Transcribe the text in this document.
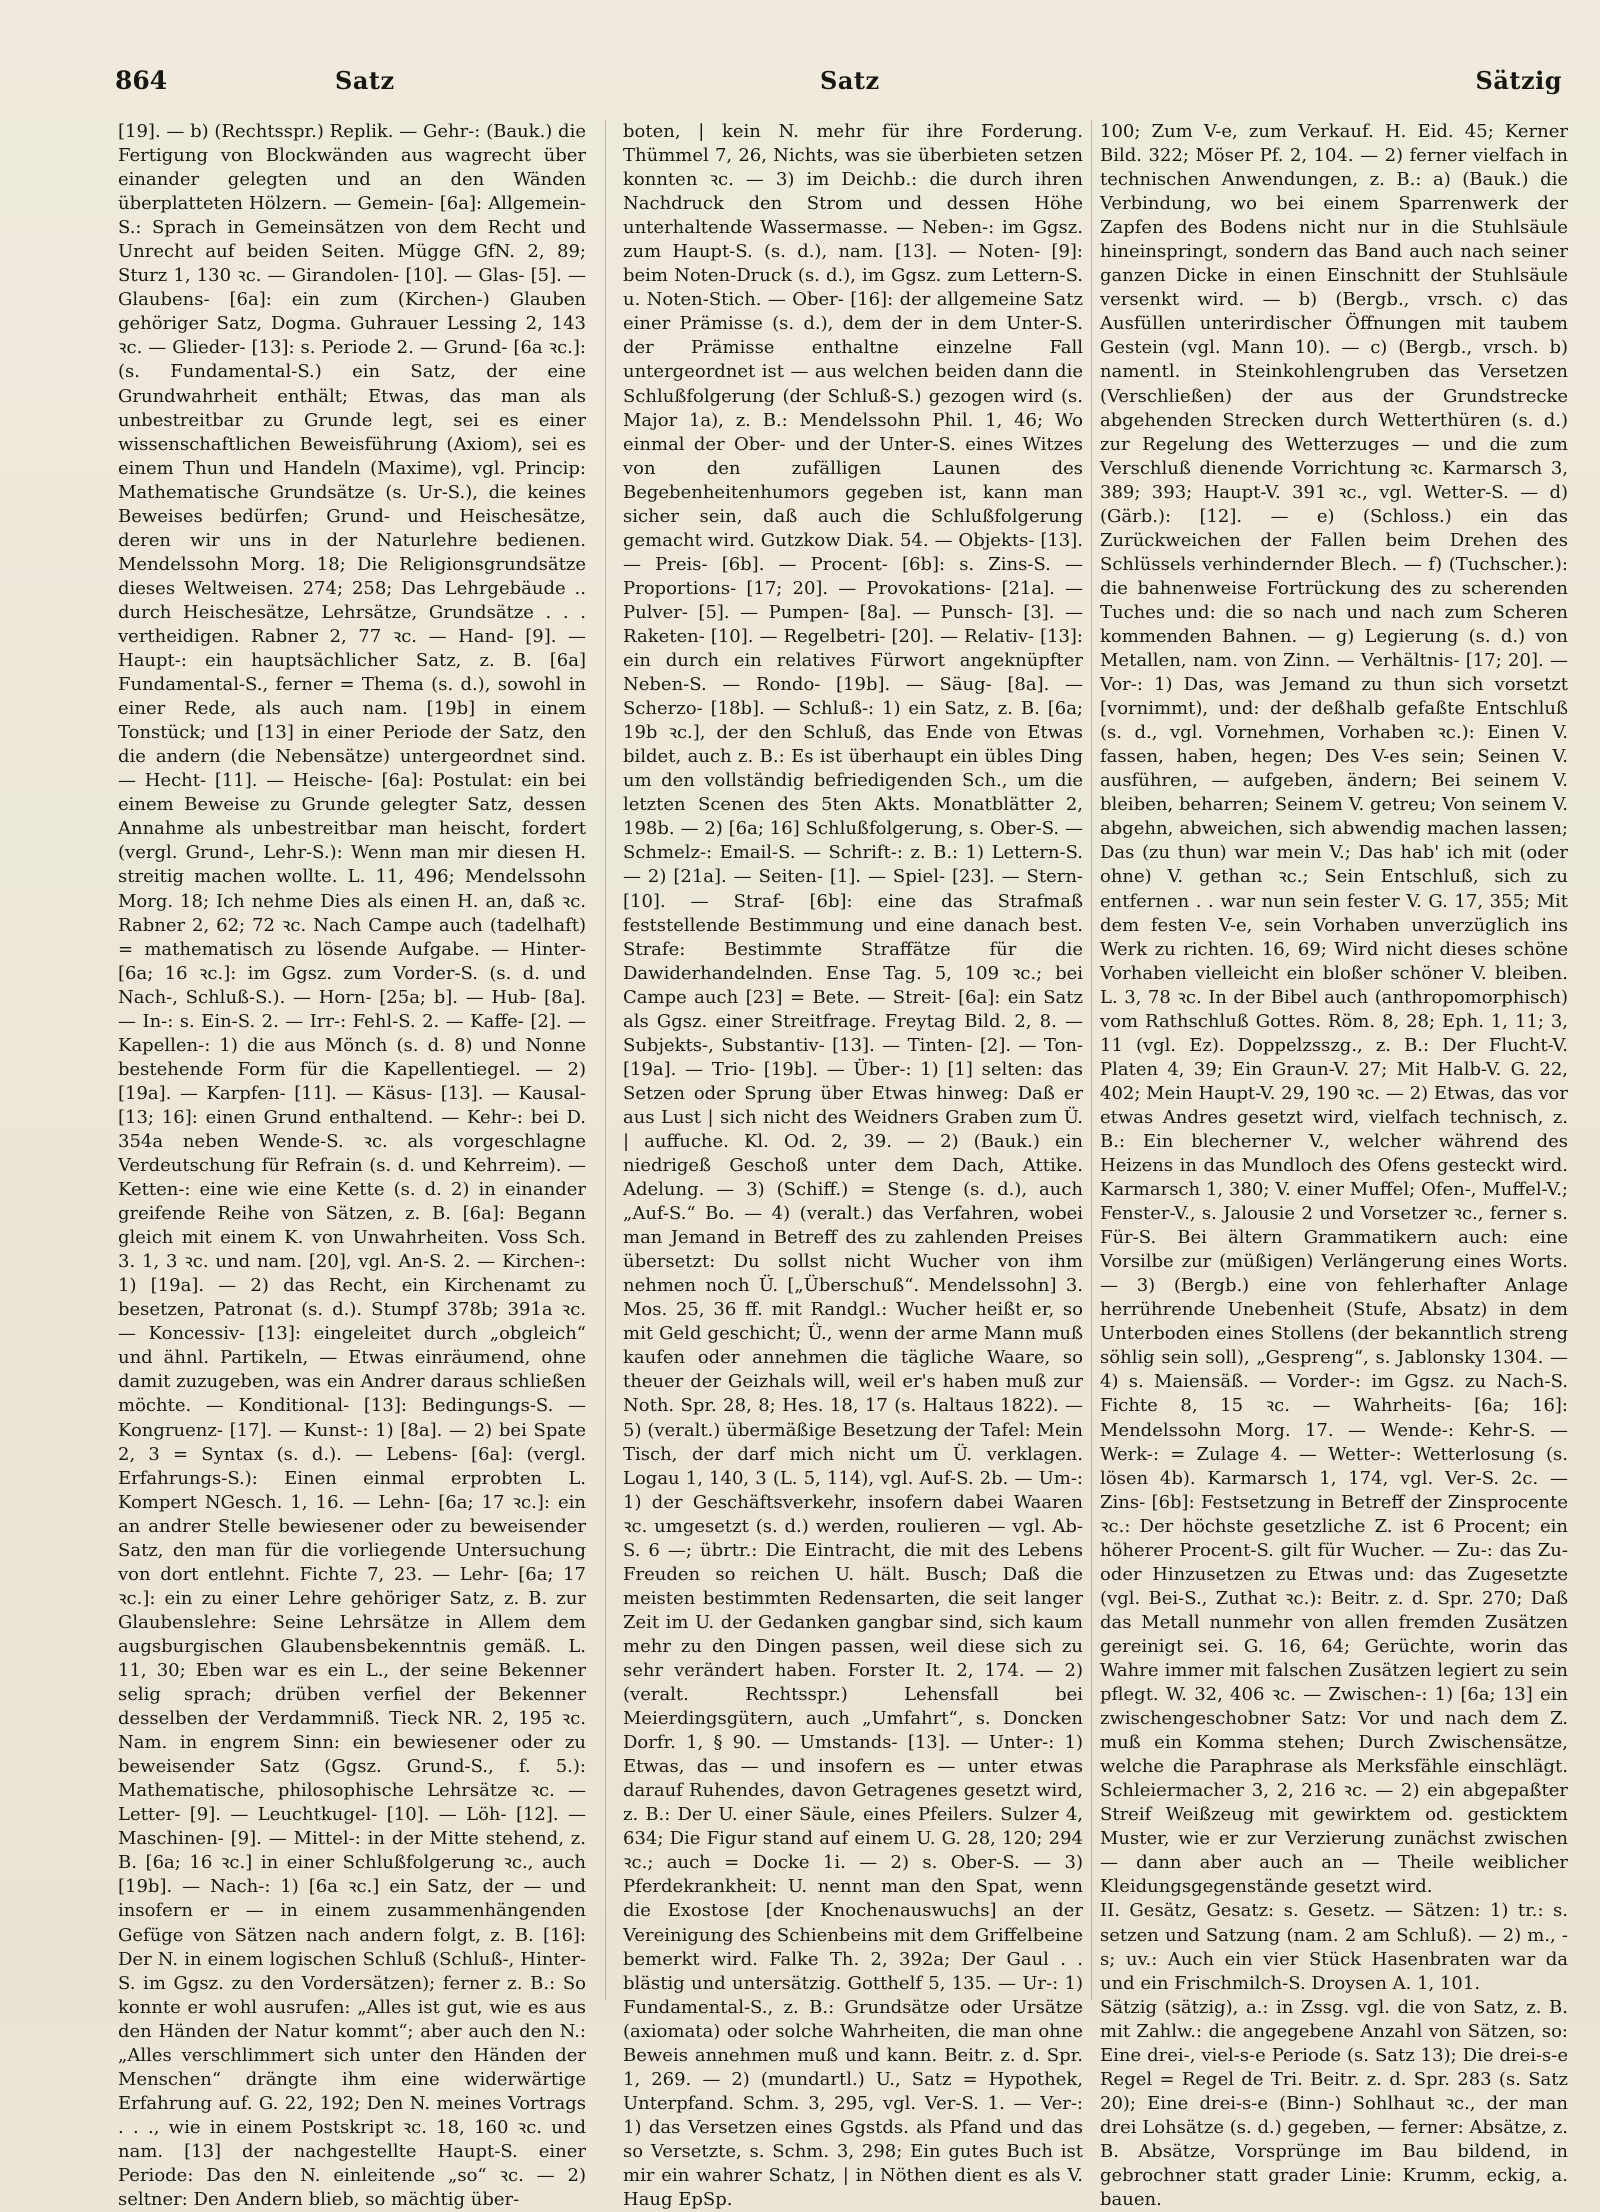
864	Satz	Satz	Sätzig

[19]. — b) (Rechtsspr.) Replik. — Gehr-: (Bauk.) die Fertigung von Blockwänden aus wagrecht über einander gelegten und an den Wänden überplatteten Hölzern. — Gemein- [6a]: Allgemein-S.: Sprach in Gemeinsätzen von dem Recht und Unrecht auf beiden Seiten. Mügge GfN. 2, 89; Sturz 1, 130 ꝛc. — Girandolen- [10]. — Glas- [5]. — Glaubens- [6a]: ein zum (Kirchen-) Glauben gehöriger Satz, Dogma. Guhrauer Lessing 2, 143 ꝛc. — Glieder- [13]: s. Periode 2. — Grund- [6a ꝛc.]: (s. Fundamental-S.) ein Satz, der eine Grundwahrheit enthält; Etwas, das man als unbestreitbar zu Grunde legt, sei es einer wissenschaftlichen Beweisführung (Axiom), sei es einem Thun und Handeln (Maxime), vgl. Princip: Mathematische Grundsätze (s. Ur-S.), die keines Beweises bedürfen; Grund- und Heischesätze, deren wir uns in der Naturlehre bedienen. Mendelssohn Morg. 18; Die Religionsgrundsätze dieses Weltweisen. 274; 258; Das Lehrgebäude .. durch Heischesätze, Lehrsätze, Grundsätze . . . vertheidigen. Rabner 2, 77 ꝛc. — Hand- [9]. — Haupt-: ein hauptsächlicher Satz, z. B. [6a] Fundamental-S., ferner = Thema (s. d.), sowohl in einer Rede, als auch nam. [19b] in einem Tonstück; und [13] in einer Periode der Satz, den die andern (die Nebensätze) untergeordnet sind. — Hecht- [11]. — Heische- [6a]: Postulat: ein bei einem Beweise zu Grunde gelegter Satz, dessen Annahme als unbestreitbar man heischt, fordert (vergl. Grund-, Lehr-S.): Wenn man mir diesen H. streitig machen wollte. L. 11, 496; Mendelssohn Morg. 18; Ich nehme Dies als einen H. an, daß ꝛc. Rabner 2, 62; 72 ꝛc. Nach Campe auch (tadelhaft) = mathematisch zu lösende Aufgabe. — Hinter- [6a; 16 ꝛc.]: im Ggsz. zum Vorder-S. (s. d. und Nach-, Schluß-S.). — Horn- [25a; b]. — Hub- [8a]. — In-: s. Ein-S. 2. — Irr-: Fehl-S. 2. — Kaffe- [2]. — Kapellen-: 1) die aus Mönch (s. d. 8) und Nonne bestehende Form für die Kapellentiegel. — 2) [19a]. — Karpfen- [11]. — Käsus- [13]. — Kausal- [13; 16]: einen Grund enthaltend. — Kehr-: bei D. 354a neben Wende-S. ꝛc. als vorgeschlagne Verdeutschung für Refrain (s. d. und Kehrreim). — Ketten-: eine wie eine Kette (s. d. 2) in einander greifende Reihe von Sätzen, z. B. [6a]: Begann gleich mit einem K. von Unwahrheiten. Voss Sch. 3. 1, 3 ꝛc. und nam. [20], vgl. An-S. 2. — Kirchen-: 1) [19a]. — 2) das Recht, ein Kirchenamt zu besetzen, Patronat (s. d.). Stumpf 378b; 391a ꝛc. — Koncessiv- [13]: eingeleitet durch „obgleich“ und ähnl. Partikeln, — Etwas einräumend, ohne damit zuzugeben, was ein Andrer daraus schließen möchte. — Konditional- [13]: Bedingungs-S. — Kongruenz- [17]. — Kunst-: 1) [8a]. — 2) bei Spate 2, 3 = Syntax (s. d.). — Lebens- [6a]: (vergl. Erfahrungs-S.): Einen einmal erprobten L. Kompert NGesch. 1, 16. — Lehn- [6a; 17 ꝛc.]: ein an andrer Stelle bewiesener oder zu beweisender Satz, den man für die vorliegende Untersuchung von dort entlehnt. Fichte 7, 23. — Lehr- [6a; 17 ꝛc.]: ein zu einer Lehre gehöriger Satz, z. B. zur Glaubenslehre: Seine Lehrsätze in Allem dem augsburgischen Glaubensbekenntnis gemäß. L. 11, 30; Eben war es ein L., der seine Bekenner selig sprach; drüben verfiel der Bekenner desselben der Verdammniß. Tieck NR. 2, 195 ꝛc. Nam. in engrem Sinn: ein bewiesener oder zu beweisender Satz (Ggsz. Grund-S., f. 5.): Mathematische, philosophische Lehrsätze ꝛc. — Letter- [9]. — Leuchtkugel- [10]. — Löh- [12]. — Maschinen- [9]. — Mittel-: in der Mitte stehend, z. B. [6a; 16 ꝛc.] in einer Schlußfolgerung ꝛc., auch [19b]. — Nach-: 1) [6a ꝛc.] ein Satz, der — und insofern er — in einem zusammenhängenden Gefüge von Sätzen nach andern folgt, z. B. [16]: Der N. in einem logischen Schluß (Schluß-, Hinter-S. im Ggsz. zu den Vordersätzen); ferner z. B.: So konnte er wohl ausrufen: „Alles ist gut, wie es aus den Händen der Natur kommt“; aber auch den N.: „Alles verschlimmert sich unter den Händen der Menschen“ drängte ihm eine widerwärtige Erfahrung auf. G. 22, 192; Den N. meines Vortrags . . ., wie in einem Postskript ꝛc. 18, 160 ꝛc. und nam. [13] der nachgestellte Haupt-S. einer Periode: Das den N. einleitende „so“ ꝛc. — 2) seltner: Den Andern blieb, so mächtig über-

boten, | kein N. mehr für ihre Forderung. Thümmel 7, 26, Nichts, was sie überbieten setzen konnten ꝛc. — 3) im Deichb.: die durch ihren Nachdruck den Strom und dessen Höhe unterhaltende Wassermasse. — Neben-: im Ggsz. zum Haupt-S. (s. d.), nam. [13]. — Noten- [9]: beim Noten-Druck (s. d.), im Ggsz. zum Lettern-S. u. Noten-Stich. — Ober- [16]: der allgemeine Satz einer Prämisse (s. d.), dem der in dem Unter-S. der Prämisse enthaltne einzelne Fall untergeordnet ist — aus welchen beiden dann die Schlußfolgerung (der Schluß-S.) gezogen wird (s. Major 1a), z. B.: Mendelssohn Phil. 1, 46; Wo einmal der Ober- und der Unter-S. eines Witzes von den zufälligen Launen des Begebenheitenhumors gegeben ist, kann man sicher sein, daß auch die Schlußfolgerung gemacht wird. Gutzkow Diak. 54. — Objekts- [13]. — Preis- [6b]. — Procent- [6b]: s. Zins-S. — Proportions- [17; 20]. — Provokations- [21a]. — Pulver- [5]. — Pumpen- [8a]. — Punsch- [3]. — Raketen- [10]. — Regelbetri- [20]. — Relativ- [13]: ein durch ein relatives Fürwort angeknüpfter Neben-S. — Rondo- [19b]. — Säug- [8a]. — Scherzo- [18b]. — Schluß-: 1) ein Satz, z. B. [6a; 19b ꝛc.], der den Schluß, das Ende von Etwas bildet, auch z. B.: Es ist überhaupt ein übles Ding um den vollständig befriedigenden Sch., um die letzten Scenen des 5ten Akts. Monatblätter 2, 198b. — 2) [6a; 16] Schlußfolgerung, s. Ober-S. — Schmelz-: Email-S. — Schrift-: z. B.: 1) Lettern-S. — 2) [21a]. — Seiten- [1]. — Spiel- [23]. — Stern- [10]. — Straf- [6b]: eine das Strafmaß feststellende Bestimmung und eine danach best. Strafe: Bestimmte Straffätze für die Dawiderhandelnden. Ense Tag. 5, 109 ꝛc.; bei Campe auch [23] = Bete. — Streit- [6a]: ein Satz als Ggsz. einer Streitfrage. Freytag Bild. 2, 8. — Subjekts-, Substantiv- [13]. — Tinten- [2]. — Ton- [19a]. — Trio- [19b]. — Über-: 1) [1] selten: das Setzen oder Sprung über Etwas hinweg: Daß er aus Lust | sich nicht des Weidners Graben zum Ü. | auffuche. Kl. Od. 2, 39. — 2) (Bauk.) ein niedrigeß Geschoß unter dem Dach, Attike. Adelung. — 3) (Schiff.) = Stenge (s. d.), auch „Auf-S.“ Bo. — 4) (veralt.) das Verfahren, wobei man Jemand in Betreff des zu zahlenden Preises übersetzt: Du sollst nicht Wucher von ihm nehmen noch Ü. [„Überschuß“. Mendelssohn] 3. Mos. 25, 36 ff. mit Randgl.: Wucher heißt er, so mit Geld geschicht; Ü., wenn der arme Mann muß kaufen oder annehmen die tägliche Waare, so theuer der Geizhals will, weil er's haben muß zur Noth. Spr. 28, 8; Hes. 18, 17 (s. Haltaus 1822). — 5) (veralt.) übermäßige Besetzung der Tafel: Mein Tisch, der darf mich nicht um Ü. verklagen. Logau 1, 140, 3 (L. 5, 114), vgl. Auf-S. 2b. — Um-: 1) der Geschäftsverkehr, insofern dabei Waaren ꝛc. umgesetzt (s. d.) werden, roulieren — vgl. Ab-S. 6 —; übrtr.: Die Eintracht, die mit des Lebens Freuden so reichen U. hält. Busch; Daß die meisten bestimmten Redensarten, die seit langer Zeit im U. der Gedanken gangbar sind, sich kaum mehr zu den Dingen passen, weil diese sich zu sehr verändert haben. Forster It. 2, 174. — 2) (veralt. Rechtsspr.) Lehensfall bei Meierdingsgütern, auch „Umfahrt“, s. Doncken Dorfr. 1, § 90. — Umstands- [13]. — Unter-: 1) Etwas, das — und insofern es — unter etwas darauf Ruhendes, davon Getragenes gesetzt wird, z. B.: Der U. einer Säule, eines Pfeilers. Sulzer 4, 634; Die Figur stand auf einem U. G. 28, 120; 294 ꝛc.; auch = Docke 1i. — 2) s. Ober-S. — 3) Pferdekrankheit: U. nennt man den Spat, wenn die Exostose [der Knochenauswuchs] an der Vereinigung des Schienbeins mit dem Griffelbeine bemerkt wird. Falke Th. 2, 392a; Der Gaul . . blästig und untersätzig. Gotthelf 5, 135. — Ur-: 1) Fundamental-S., z. B.: Grundsätze oder Ursätze (axiomata) oder solche Wahrheiten, die man ohne Beweis annehmen muß und kann. Beitr. z. d. Spr. 1, 269. — 2) (mundartl.) U., Satz = Hypothek, Unterpfand. Schm. 3, 295, vgl. Ver-S. 1. — Ver-: 1) das Versetzen eines Ggstds. als Pfand und das so Versetzte, s. Schm. 3, 298; Ein gutes Buch ist mir ein wahrer Schatz, | in Nöthen dient es als V. Haug EpSp.

100; Zum V-e, zum Verkauf. H. Eid. 45; Kerner Bild. 322; Möser Pf. 2, 104. — 2) ferner vielfach in technischen Anwendungen, z. B.: a) (Bauk.) die Verbindung, wo bei einem Sparrenwerk der Zapfen des Bodens nicht nur in die Stuhlsäule hineinspringt, sondern das Band auch nach seiner ganzen Dicke in einen Einschnitt der Stuhlsäule versenkt wird. — b) (Bergb., vrsch. c) das Ausfüllen unterirdischer Öffnungen mit taubem Gestein (vgl. Mann 10). — c) (Bergb., vrsch. b) namentl. in Steinkohlengruben das Versetzen (Verschließen) der aus der Grundstrecke abgehenden Strecken durch Wetterthüren (s. d.) zur Regelung des Wetterzuges — und die zum Verschluß dienende Vorrichtung ꝛc. Karmarsch 3, 389; 393; Haupt-V. 391 ꝛc., vgl. Wetter-S. — d) (Gärb.): [12]. — e) (Schloss.) ein das Zurückweichen der Fallen beim Drehen des Schlüssels verhindernder Blech. — f) (Tuchscher.): die bahnenweise Fortrückung des zu scherenden Tuches und: die so nach und nach zum Scheren kommenden Bahnen. — g) Legierung (s. d.) von Metallen, nam. von Zinn. — Verhältnis- [17; 20]. — Vor-: 1) Das, was Jemand zu thun sich vorsetzt [vornimmt), und: der deßhalb gefaßte Entschluß (s. d., vgl. Vornehmen, Vorhaben ꝛc.): Einen V. fassen, haben, hegen; Des V-es sein; Seinen V. ausführen, — aufgeben, ändern; Bei seinem V. bleiben, beharren; Seinem V. getreu; Von seinem V. abgehn, abweichen, sich abwendig machen lassen; Das (zu thun) war mein V.; Das hab' ich mit (oder ohne) V. gethan ꝛc.; Sein Entschluß, sich zu entfernen . . war nun sein fester V. G. 17, 355; Mit dem festen V-e, sein Vorhaben unverzüglich ins Werk zu richten. 16, 69; Wird nicht dieses schöne Vorhaben vielleicht ein bloßer schöner V. bleiben. L. 3, 78 ꝛc. In der Bibel auch (anthropomorphisch) vom Rathschluß Gottes. Röm. 8, 28; Eph. 1, 11; 3, 11 (vgl. Ez). Doppelzsszg., z. B.: Der Flucht-V. Platen 4, 39; Ein Graun-V. 27; Mit Halb-V. G. 22, 402; Mein Haupt-V. 29, 190 ꝛc. — 2) Etwas, das vor etwas Andres gesetzt wird, vielfach technisch, z. B.: Ein blecherner V., welcher während des Heizens in das Mundloch des Ofens gesteckt wird. Karmarsch 1, 380; V. einer Muffel; Ofen-, Muffel-V.; Fenster-V., s. Jalousie 2 und Vorsetzer ꝛc., ferner s. Für-S. Bei ältern Grammatikern auch: eine Vorsilbe zur (müßigen) Verlängerung eines Worts. — 3) (Bergb.) eine von fehlerhafter Anlage herrührende Unebenheit (Stufe, Absatz) in dem Unterboden eines Stollens (der bekanntlich streng söhlig sein soll), „Gespreng“, s. Jablonsky 1304. — 4) s. Maiensäß. — Vorder-: im Ggsz. zu Nach-S. Fichte 8, 15 ꝛc. — Wahrheits- [6a; 16]: Mendelssohn Morg. 17. — Wende-: Kehr-S. — Werk-: = Zulage 4. — Wetter-: Wetterlosung (s. lösen 4b). Karmarsch 1, 174, vgl. Ver-S. 2c. — Zins- [6b]: Festsetzung in Betreff der Zinsprocente ꝛc.: Der höchste gesetzliche Z. ist 6 Procent; ein höherer Procent-S. gilt für Wucher. — Zu-: das Zu- oder Hinzusetzen zu Etwas und: das Zugesetzte (vgl. Bei-S., Zuthat ꝛc.): Beitr. z. d. Spr. 270; Daß das Metall nunmehr von allen fremden Zusätzen gereinigt sei. G. 16, 64; Gerüchte, worin das Wahre immer mit falschen Zusätzen legiert zu sein pflegt. W. 32, 406 ꝛc. — Zwischen-: 1) [6a; 13] ein zwischengeschobner Satz: Vor und nach dem Z. muß ein Komma stehen; Durch Zwischensätze, welche die Paraphrase als Merksfähle einschlägt. Schleiermacher 3, 2, 216 ꝛc. — 2) ein abgepaßter Streif Weißzeug mit gewirktem od. gesticktem Muster, wie er zur Verzierung zunächst zwischen — dann aber auch an — Theile weiblicher Kleidungsgegenstände gesetzt wird.
II. Gesätz, Gesatz: s. Gesetz. — Sätzen: 1) tr.: s. setzen und Satzung (nam. 2 am Schluß). — 2) m., -s; uv.: Auch ein vier Stück Hasenbraten war da und ein Frischmilch-S. Droysen A. 1, 101.
Sätzig (sätzig), a.: in Zssg. vgl. die von Satz, z. B. mit Zahlw.: die angegebene Anzahl von Sätzen, so: Eine drei-, viel-s-e Periode (s. Satz 13); Die drei-s-e Regel = Regel de Tri. Beitr. z. d. Spr. 283 (s. Satz 20); Eine drei-s-e (Binn-) Sohlhaut ꝛc., der man drei Lohsätze (s. d.) gegeben, — ferner: Absätze, z. B. Absätze, Vorsprünge im Bau bildend, in gebrochner statt grader Linie: Krumm, eckig, a. bauen.
